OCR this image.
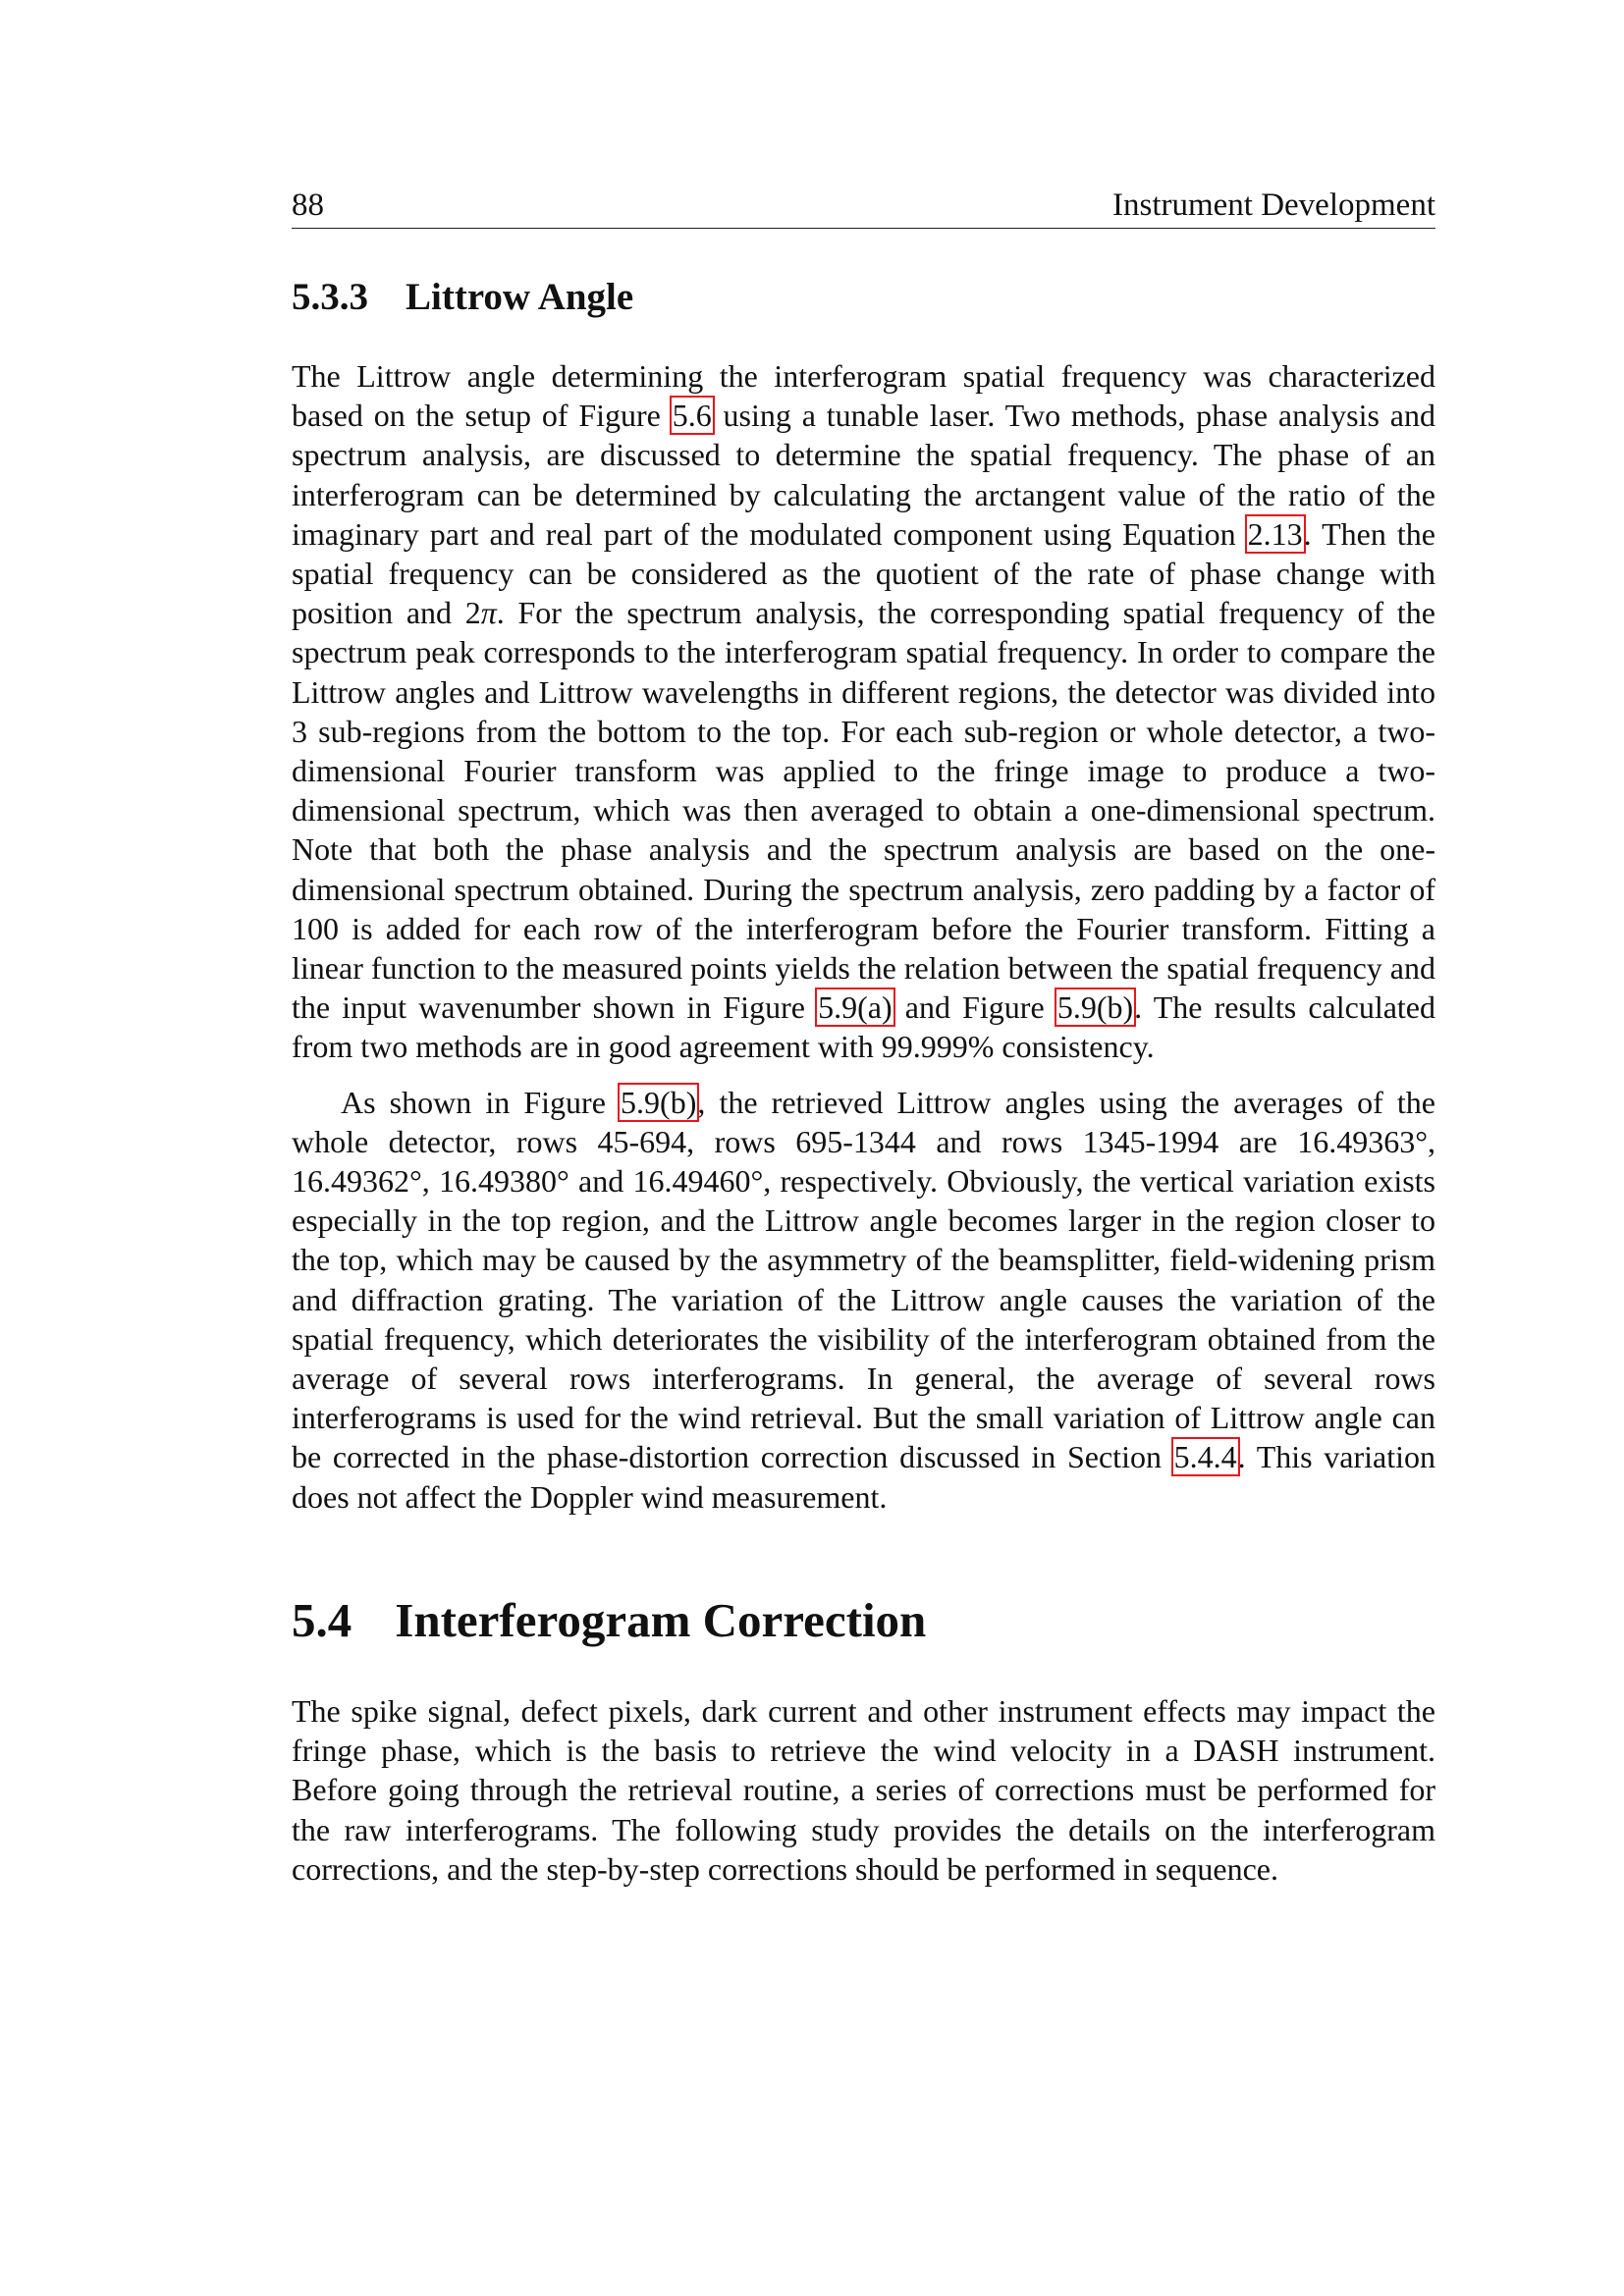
88	Instrument Development
5.3.3 Littrow Angle

The Littrow angle determining the interferogram spatial frequency was characterized based on the setup of Figure 5.6 using a tunable laser. Two methods, phase analysis and spectrum analysis, are discussed to determine the spatial frequency. The phase of an interferogram can be determined by calculating the arctangent value of the ratio of the imaginary part and real part of the modulated component using Equation 2.13. Then the spatial frequency can be considered as the quotient of the rate of phase change with position and 2π. For the spectrum analysis, the corresponding spatial frequency of the spectrum peak corresponds to the interferogram spatial frequency. In order to compare the Littrow angles and Littrow wavelengths in different regions, the detector was divided into 3 sub-regions from the bottom to the top. For each sub-region or whole detector, a two-dimensional Fourier transform was applied to the fringe image to produce a two-dimensional spectrum, which was then averaged to obtain a one-dimensional spectrum. Note that both the phase analysis and the spectrum analysis are based on the one-dimensional spectrum obtained. During the spectrum analysis, zero padding by a factor of 100 is added for each row of the interferogram before the Fourier transform. Fitting a linear function to the measured points yields the relation between the spatial frequency and the input wavenumber shown in Figure 5.9(a) and Figure 5.9(b). The results calculated from two methods are in good agreement with 99.999% consistency.

As shown in Figure 5.9(b), the retrieved Littrow angles using the averages of the whole detector, rows 45-694, rows 695-1344 and rows 1345-1994 are 16.49363°, 16.49362°, 16.49380° and 16.49460°, respectively. Obviously, the vertical variation exists especially in the top region, and the Littrow angle becomes larger in the region closer to the top, which may be caused by the asymmetry of the beamsplitter, field-widening prism and diffraction grating. The variation of the Littrow angle causes the variation of the spatial frequency, which deteriorates the visibility of the interferogram obtained from the average of several rows interferograms. In general, the average of several rows interferograms is used for the wind retrieval. But the small variation of Littrow angle can be corrected in the phase-distortion correction discussed in Section 5.4.4. This variation does not affect the Doppler wind measurement.

5.4 Interferogram Correction

The spike signal, defect pixels, dark current and other instrument effects may impact the fringe phase, which is the basis to retrieve the wind velocity in a DASH instrument. Before going through the retrieval routine, a series of corrections must be performed for the raw interferograms. The following study provides the details on the interferogram corrections, and the step-by-step corrections should be performed in sequence.
